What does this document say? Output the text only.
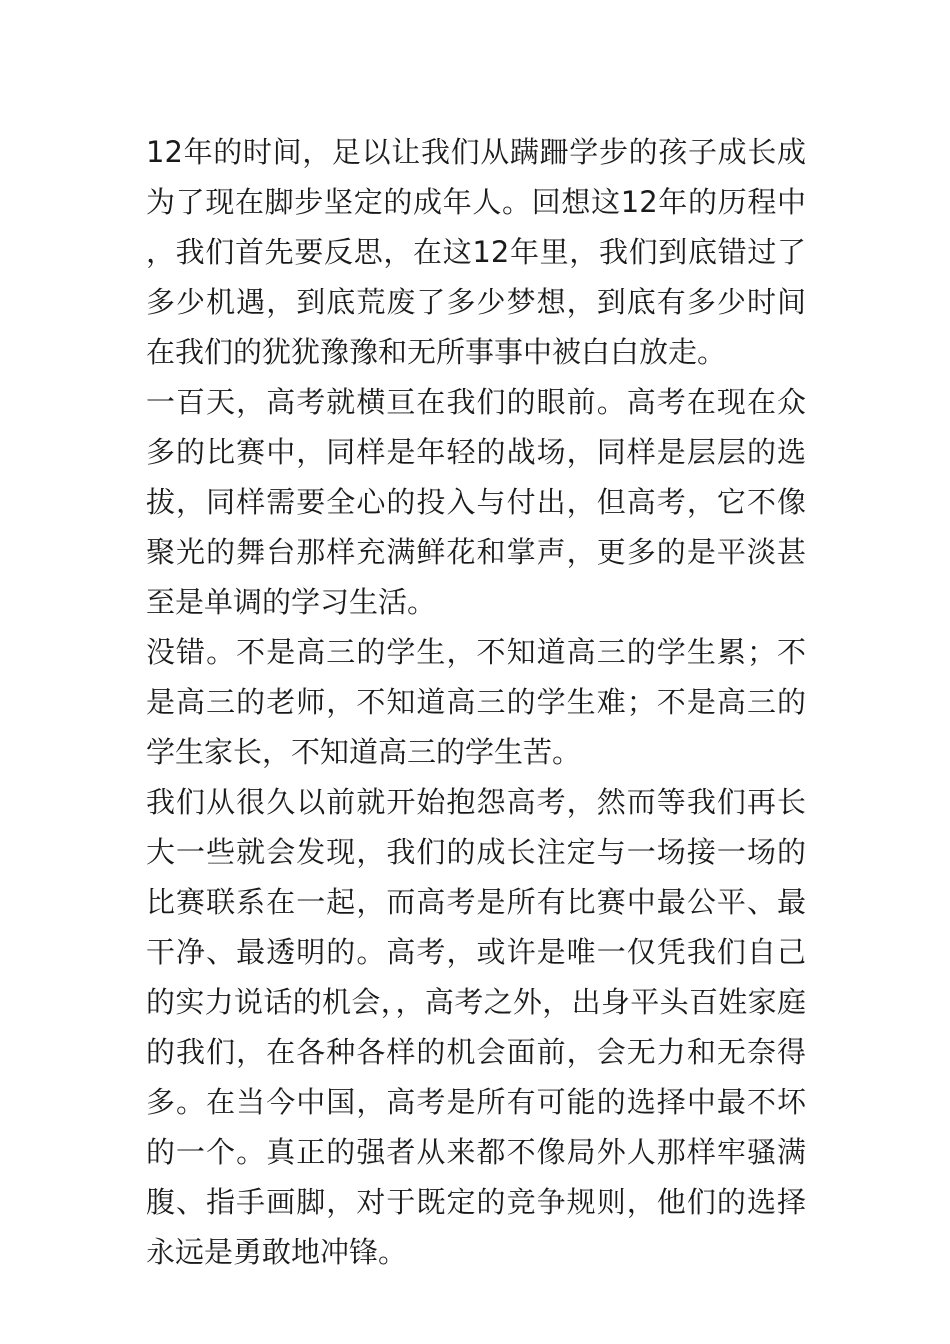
12年的时间，足以让我们从蹒跚学步的孩子成长成为了现在脚步坚定的成年人。回想这12年的历程中，我们首先要反思，在这12年里，我们到底错过了多少机遇，到底荒废了多少梦想，到底有多少时间在我们的犹犹豫豫和无所事事中被白白放走。

一百天，高考就横亘在我们的眼前。高考在现在众多的比赛中，同样是年轻的战场，同样是层层的选拔，同样需要全心的投入与付出，但高考，它不像聚光的舞台那样充满鲜花和掌声，更多的是平淡甚至是单调的学习生活。

没错。不是高三的学生，不知道高三的学生累；不是高三的老师，不知道高三的学生难；不是高三的学生家长，不知道高三的学生苦。

我们从很久以前就开始抱怨高考，然而等我们再长大一些就会发现，我们的成长注定与一场接一场的比赛联系在一起，而高考是所有比赛中最公平、最干净、最透明的。高考，或许是唯一仅凭我们自己的实力说话的机会，，高考之外，出身平头百姓家庭的我们，在各种各样的机会面前，会无力和无奈得多。在当今中国，高考是所有可能的选择中最不坏的一个。真正的强者从来都不像局外人那样牢骚满腹、指手画脚，对于既定的竞争规则，他们的选择永远是勇敢地冲锋。
